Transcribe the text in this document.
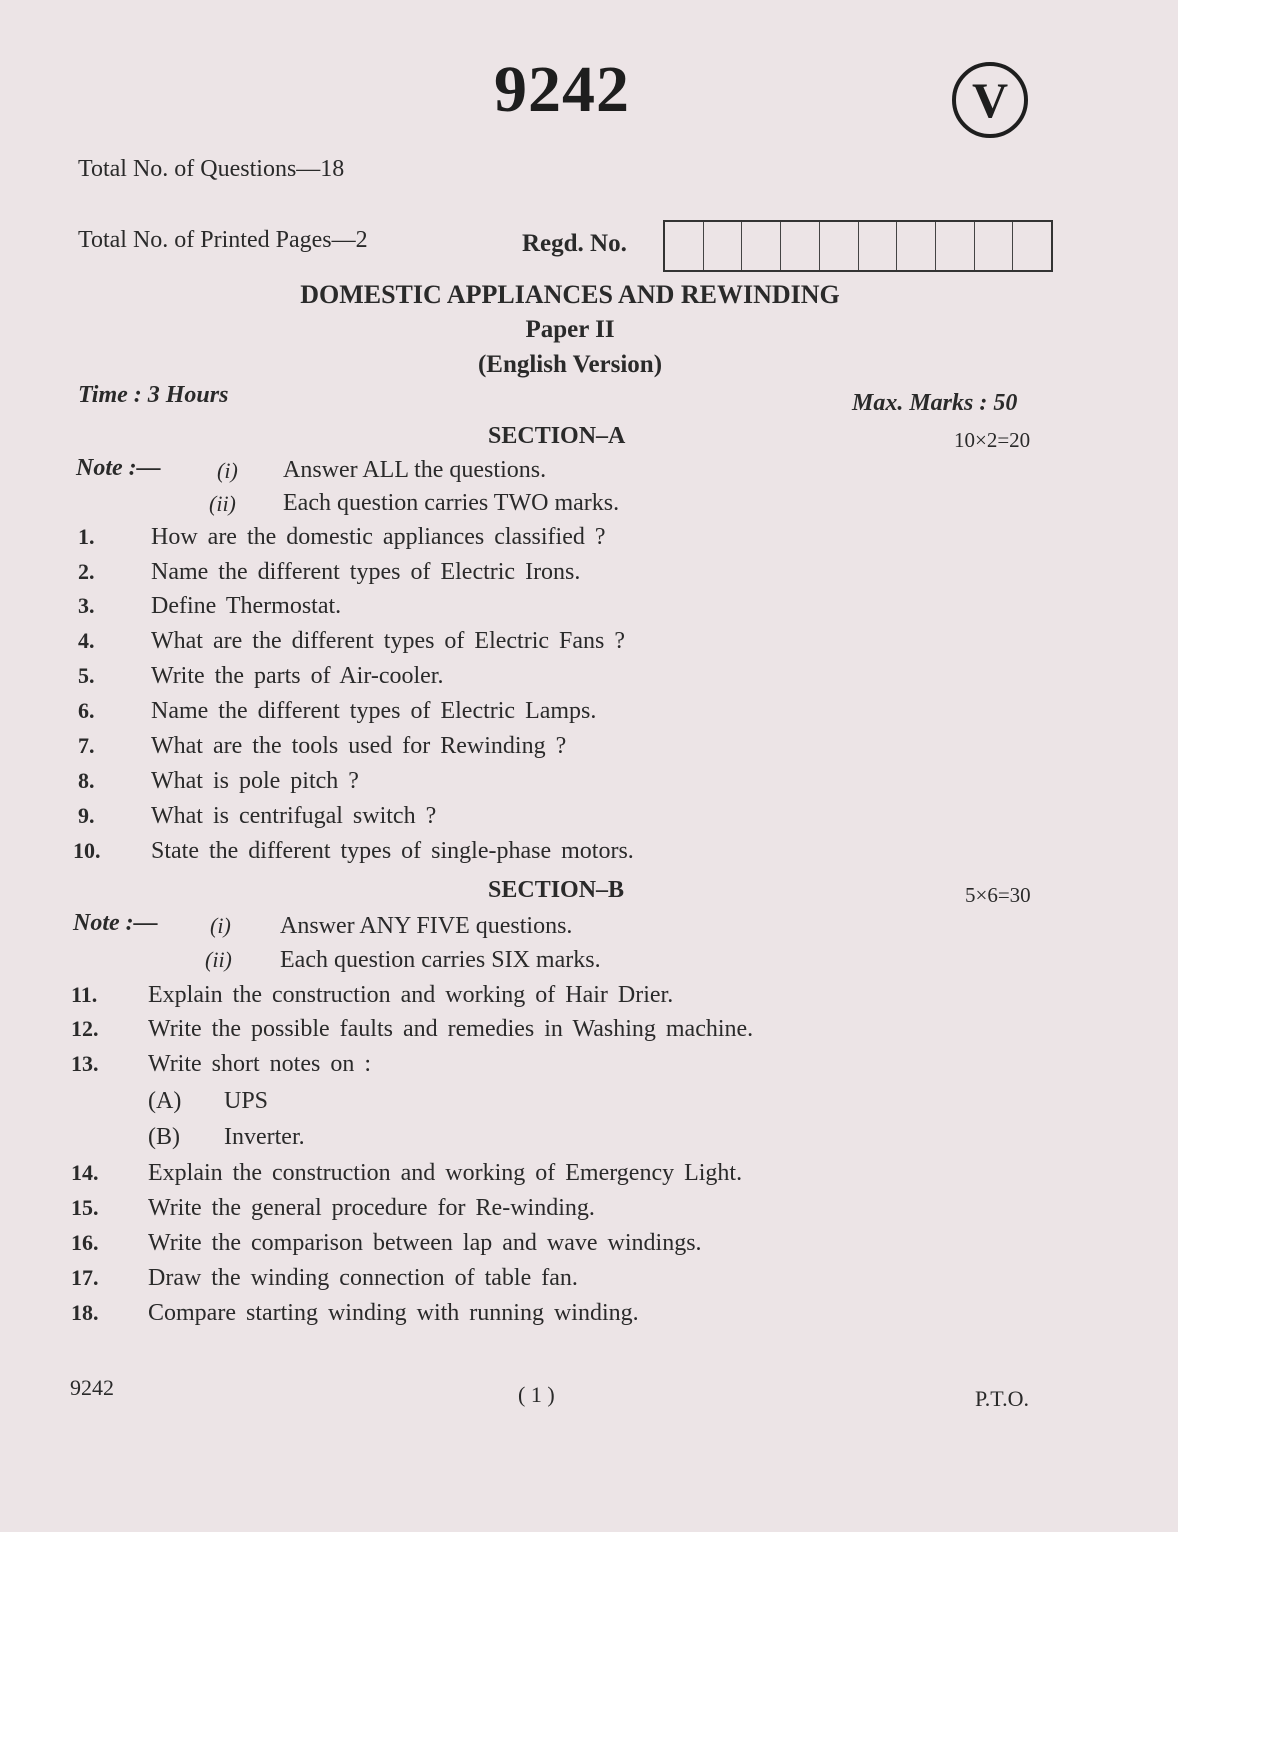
9242	V
Total No. of Questions—18
Total No. of Printed Pages—2	Regd. No.
DOMESTIC APPLIANCES AND REWINDING
Paper II
(English Version)
Time : 3 Hours	Max. Marks : 50
SECTION–A	10×2=20
Note :—	(i) Answer ALL the questions.
(ii) Each question carries TWO marks.
1. How are the domestic appliances classified ?
2. Name the different types of Electric Irons.
3. Define Thermostat.
4. What are the different types of Electric Fans ?
5. Write the parts of Air-cooler.
6. Name the different types of Electric Lamps.
7. What are the tools used for Rewinding ?
8. What is pole pitch ?
9. What is centrifugal switch ?
10. State the different types of single-phase motors.
SECTION–B	5×6=30
Note :— (i) Answer ANY FIVE questions.
(ii) Each question carries SIX marks.
11. Explain the construction and working of Hair Drier.
12. Write the possible faults and remedies in Washing machine.
13. Write short notes on :
(A) UPS
(B) Inverter.
14. Explain the construction and working of Emergency Light.
15. Write the general procedure for Re-winding.
16. Write the comparison between lap and wave windings.
17. Draw the winding connection of table fan.
18. Compare starting winding with running winding.
9242	( 1 )	P.T.O.
